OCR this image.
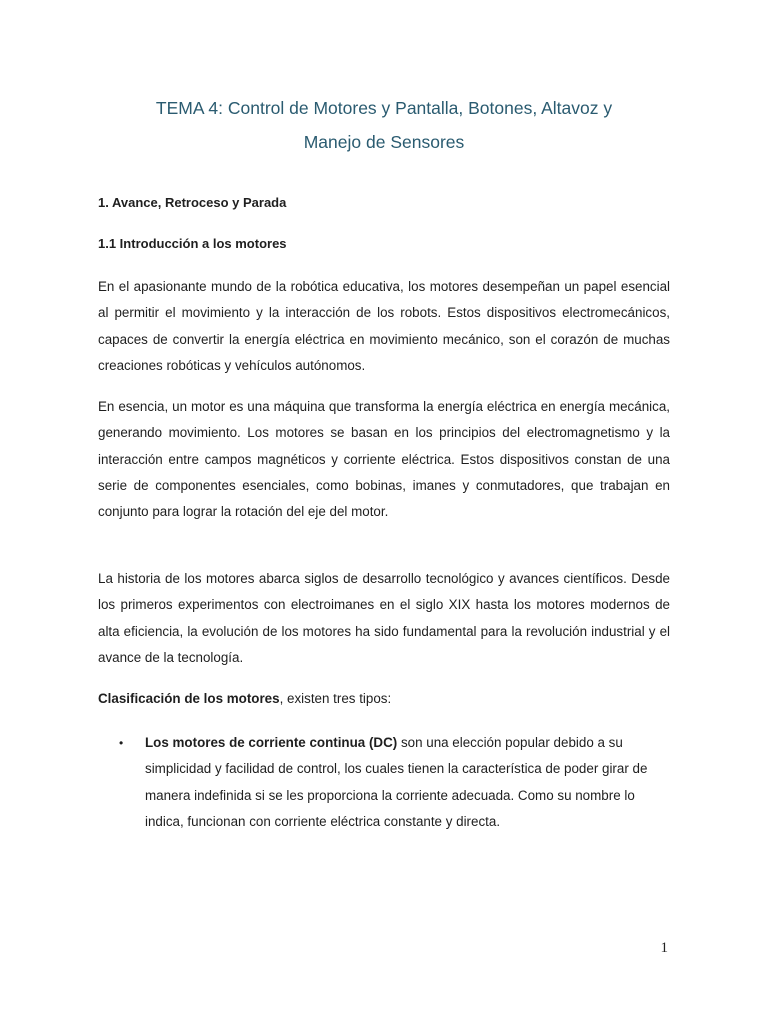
TEMA 4: Control de Motores y Pantalla, Botones, Altavoz y
Manejo de Sensores
1. Avance, Retroceso y Parada
1.1 Introducción a los motores

En el apasionante mundo de la robótica educativa, los motores desempeñan un papel esencial al permitir el movimiento y la interacción de los robots. Estos dispositivos electromecánicos, capaces de convertir la energía eléctrica en movimiento mecánico, son el corazón de muchas creaciones robóticas y vehículos autónomos.

En esencia, un motor es una máquina que transforma la energía eléctrica en energía mecánica, generando movimiento. Los motores se basan en los principios del electromagnetismo y la interacción entre campos magnéticos y corriente eléctrica. Estos dispositivos constan de una serie de componentes esenciales, como bobinas, imanes y conmutadores, que trabajan en conjunto para lograr la rotación del eje del motor.

La historia de los motores abarca siglos de desarrollo tecnológico y avances científicos. Desde los primeros experimentos con electroimanes en el siglo XIX hasta los motores modernos de alta eficiencia, la evolución de los motores ha sido fundamental para la revolución industrial y el avance de la tecnología.

Clasificación de los motores, existen tres tipos:

• Los motores de corriente continua (DC) son una elección popular debido a su simplicidad y facilidad de control, los cuales tienen la característica de poder girar de manera indefinida si se les proporciona la corriente adecuada. Como su nombre lo indica, funcionan con corriente eléctrica constante y directa.
1
